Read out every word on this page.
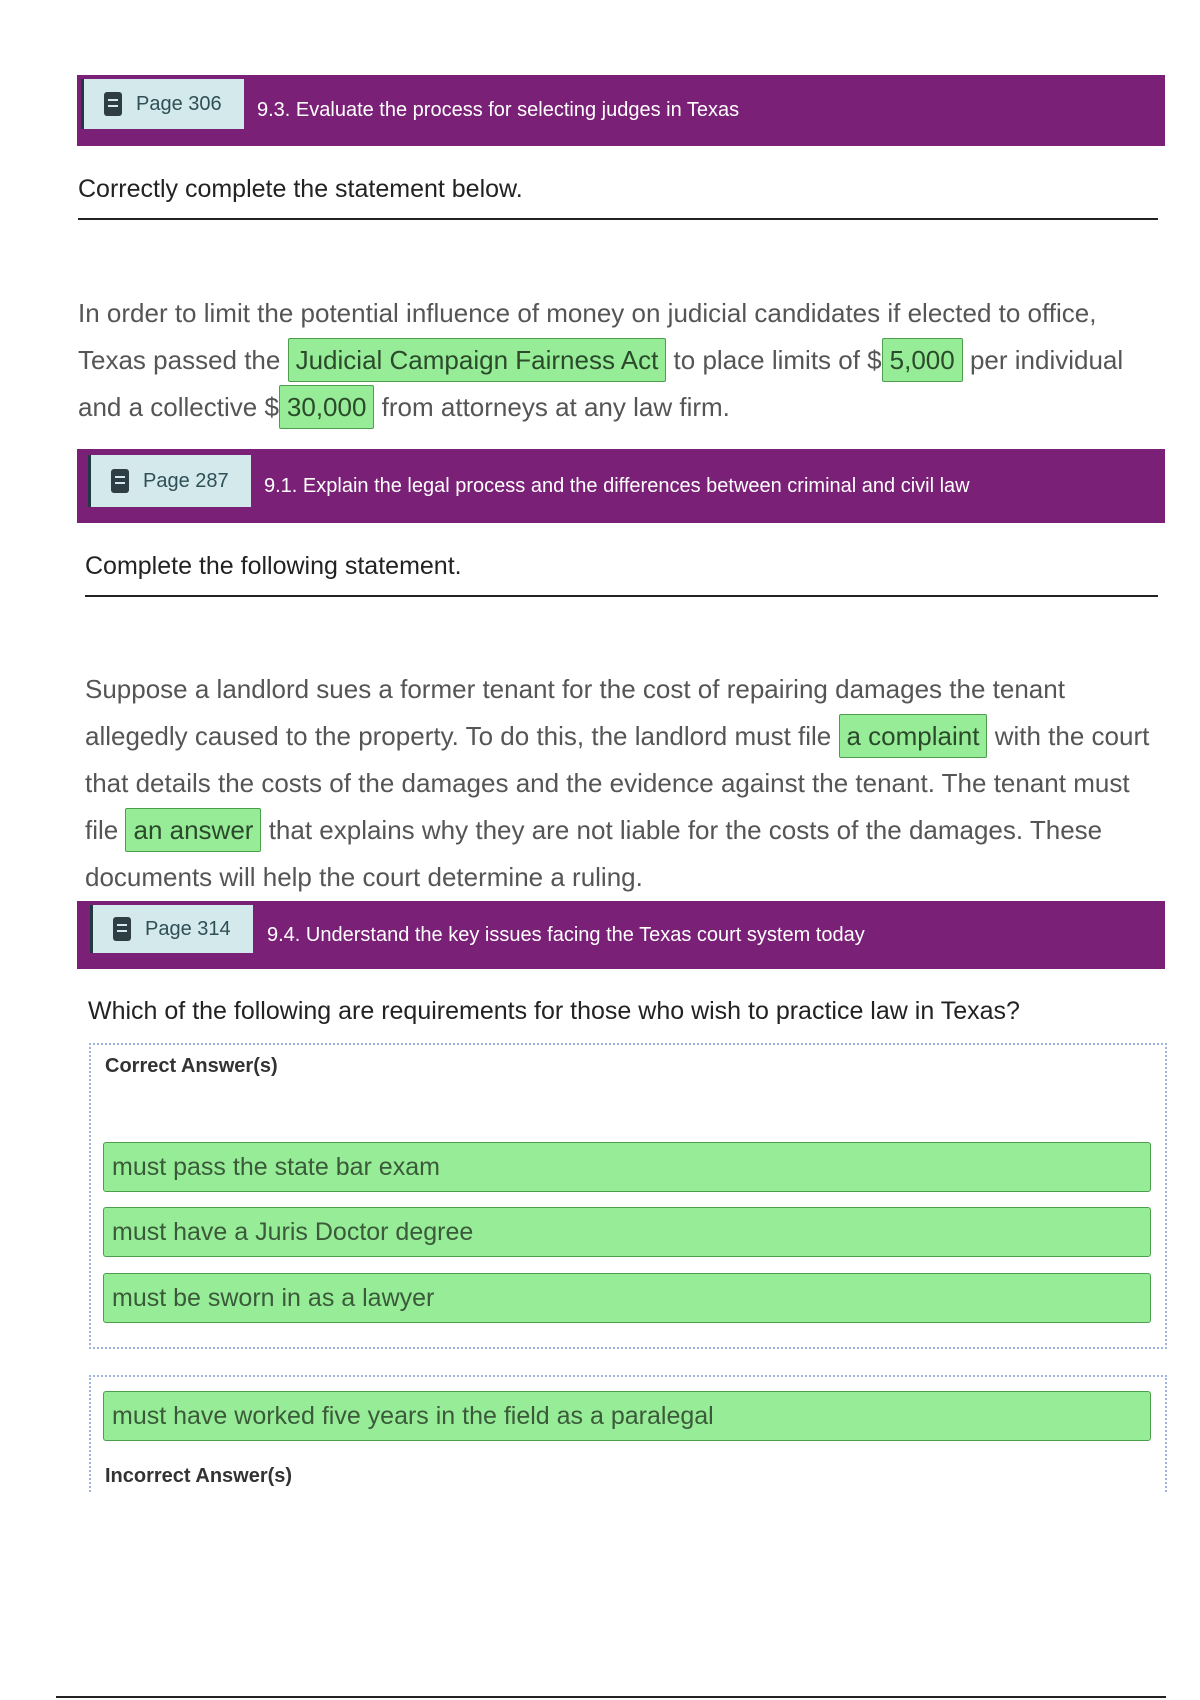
Page 306 9.3. Evaluate the process for selecting judges in Texas
Correctly complete the statement below.
In order to limit the potential influence of money on judicial candidates if elected to office, Texas passed the Judicial Campaign Fairness Act to place limits of $ 5,000 per individual and a collective $ 30,000 from attorneys at any law firm.
Page 287 9.1. Explain the legal process and the differences between criminal and civil law
Complete the following statement.
Suppose a landlord sues a former tenant for the cost of repairing damages the tenant allegedly caused to the property. To do this, the landlord must file a complaint with the court that details the costs of the damages and the evidence against the tenant. The tenant must file an answer that explains why they are not liable for the costs of the damages. These documents will help the court determine a ruling.
Page 314 9.4. Understand the key issues facing the Texas court system today
Which of the following are requirements for those who wish to practice law in Texas?
Correct Answer(s)
must pass the state bar exam
must have a Juris Doctor degree
must be sworn in as a lawyer
must have worked five years in the field as a paralegal
Incorrect Answer(s)
